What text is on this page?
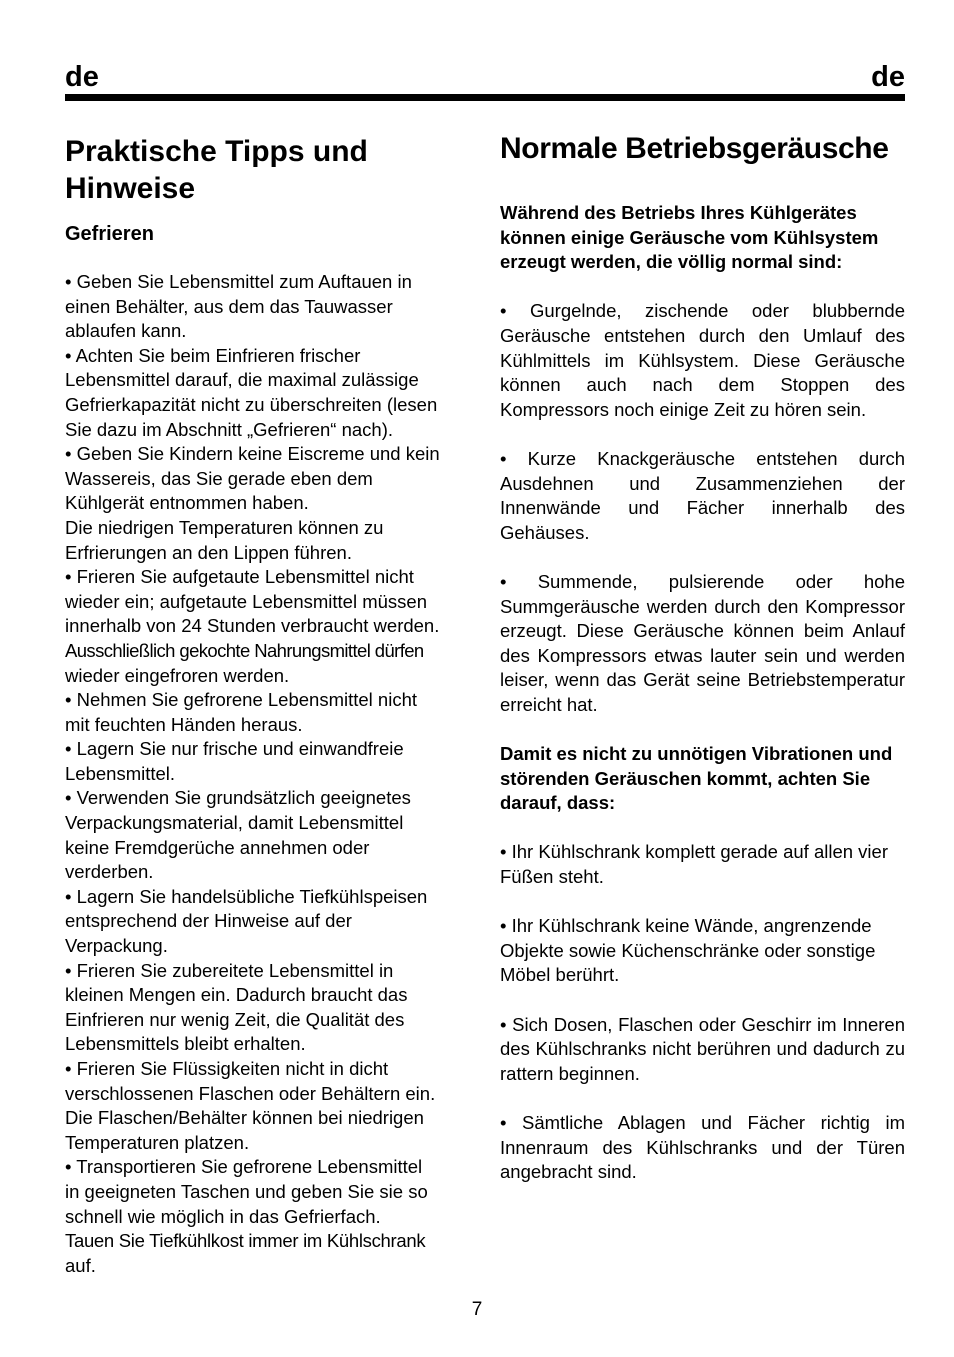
de	de
Praktische Tipps und Hinweise
Gefrieren

• Geben Sie Lebensmittel zum Auftauen in

einen Behälter, aus dem das Tauwasser

ablaufen kann.

• Achten Sie beim Einfrieren frischer

Lebensmittel darauf, die maximal zulässige

Gefrierkapazität nicht zu überschreiten (lesen

Sie dazu im Abschnitt „Gefrieren“ nach).

• Geben Sie Kindern keine Eiscreme und kein

Wassereis, das Sie gerade eben dem

Kühlgerät entnommen haben.

Die niedrigen Temperaturen können zu

Erfrierungen an den Lippen führen.

• Frieren Sie aufgetaute Lebensmittel nicht

wieder ein; aufgetaute Lebensmittel müssen

innerhalb von 24 Stunden verbraucht werden.

Ausschließlich gekochte Nahrungsmittel dürfen

wieder eingefroren werden.

• Nehmen Sie gefrorene Lebensmittel nicht

mit feuchten Händen heraus.

• Lagern Sie nur frische und einwandfreie

Lebensmittel.

• Verwenden Sie grundsätzlich geeignetes

Verpackungsmaterial, damit Lebensmittel

keine Fremdgerüche annehmen oder

verderben.

• Lagern Sie handelsübliche Tiefkühlspeisen

entsprechend der Hinweise auf der

Verpackung.

• Frieren Sie zubereitete Lebensmittel in

kleinen Mengen ein. Dadurch braucht das

Einfrieren nur wenig Zeit, die Qualität des

Lebensmittels bleibt erhalten.

• Frieren Sie Flüssigkeiten nicht in dicht

verschlossenen Flaschen oder Behältern ein.

Die Flaschen/Behälter können bei niedrigen

Temperaturen platzen.

• Transportieren Sie gefrorene Lebensmittel

in geeigneten Taschen und geben Sie sie so

schnell wie möglich in das Gefrierfach.

Tauen Sie Tiefkühlkost immer im Kühlschrank

auf.

Normale Betriebsgeräusche

Während des Betriebs Ihres Kühlgerätes können einige Geräusche vom Kühlsystem erzeugt werden, die völlig normal sind:

• Gurgelnde, zischende oder blubbernde Geräusche entstehen durch den Umlauf des Kühlmittels im Kühlsystem. Diese Geräusche können auch nach dem Stoppen des Kompressors noch einige Zeit zu hören sein.

• Kurze Knackgeräusche entstehen durch Ausdehnen und Zusammenziehen der Innenwände und Fächer innerhalb des Gehäuses.

• Summende, pulsierende oder hohe Summgeräusche werden durch den Kompressor erzeugt. Diese Geräusche können beim Anlauf des Kompressors etwas lauter sein und werden leiser, wenn das Gerät seine Betriebstemperatur erreicht hat.

Damit es nicht zu unnötigen Vibrationen und störenden Geräuschen kommt, achten Sie darauf, dass:

• Ihr Kühlschrank komplett gerade auf allen vier Füßen steht.

• Ihr Kühlschrank keine Wände, angrenzende Objekte sowie Küchenschränke oder sonstige Möbel berührt.

• Sich Dosen, Flaschen oder Geschirr im Inneren des Kühlschranks nicht berühren und dadurch zu rattern beginnen.

• Sämtliche Ablagen und Fächer richtig im Innenraum des Kühlschranks und der Türen angebracht sind.

7
